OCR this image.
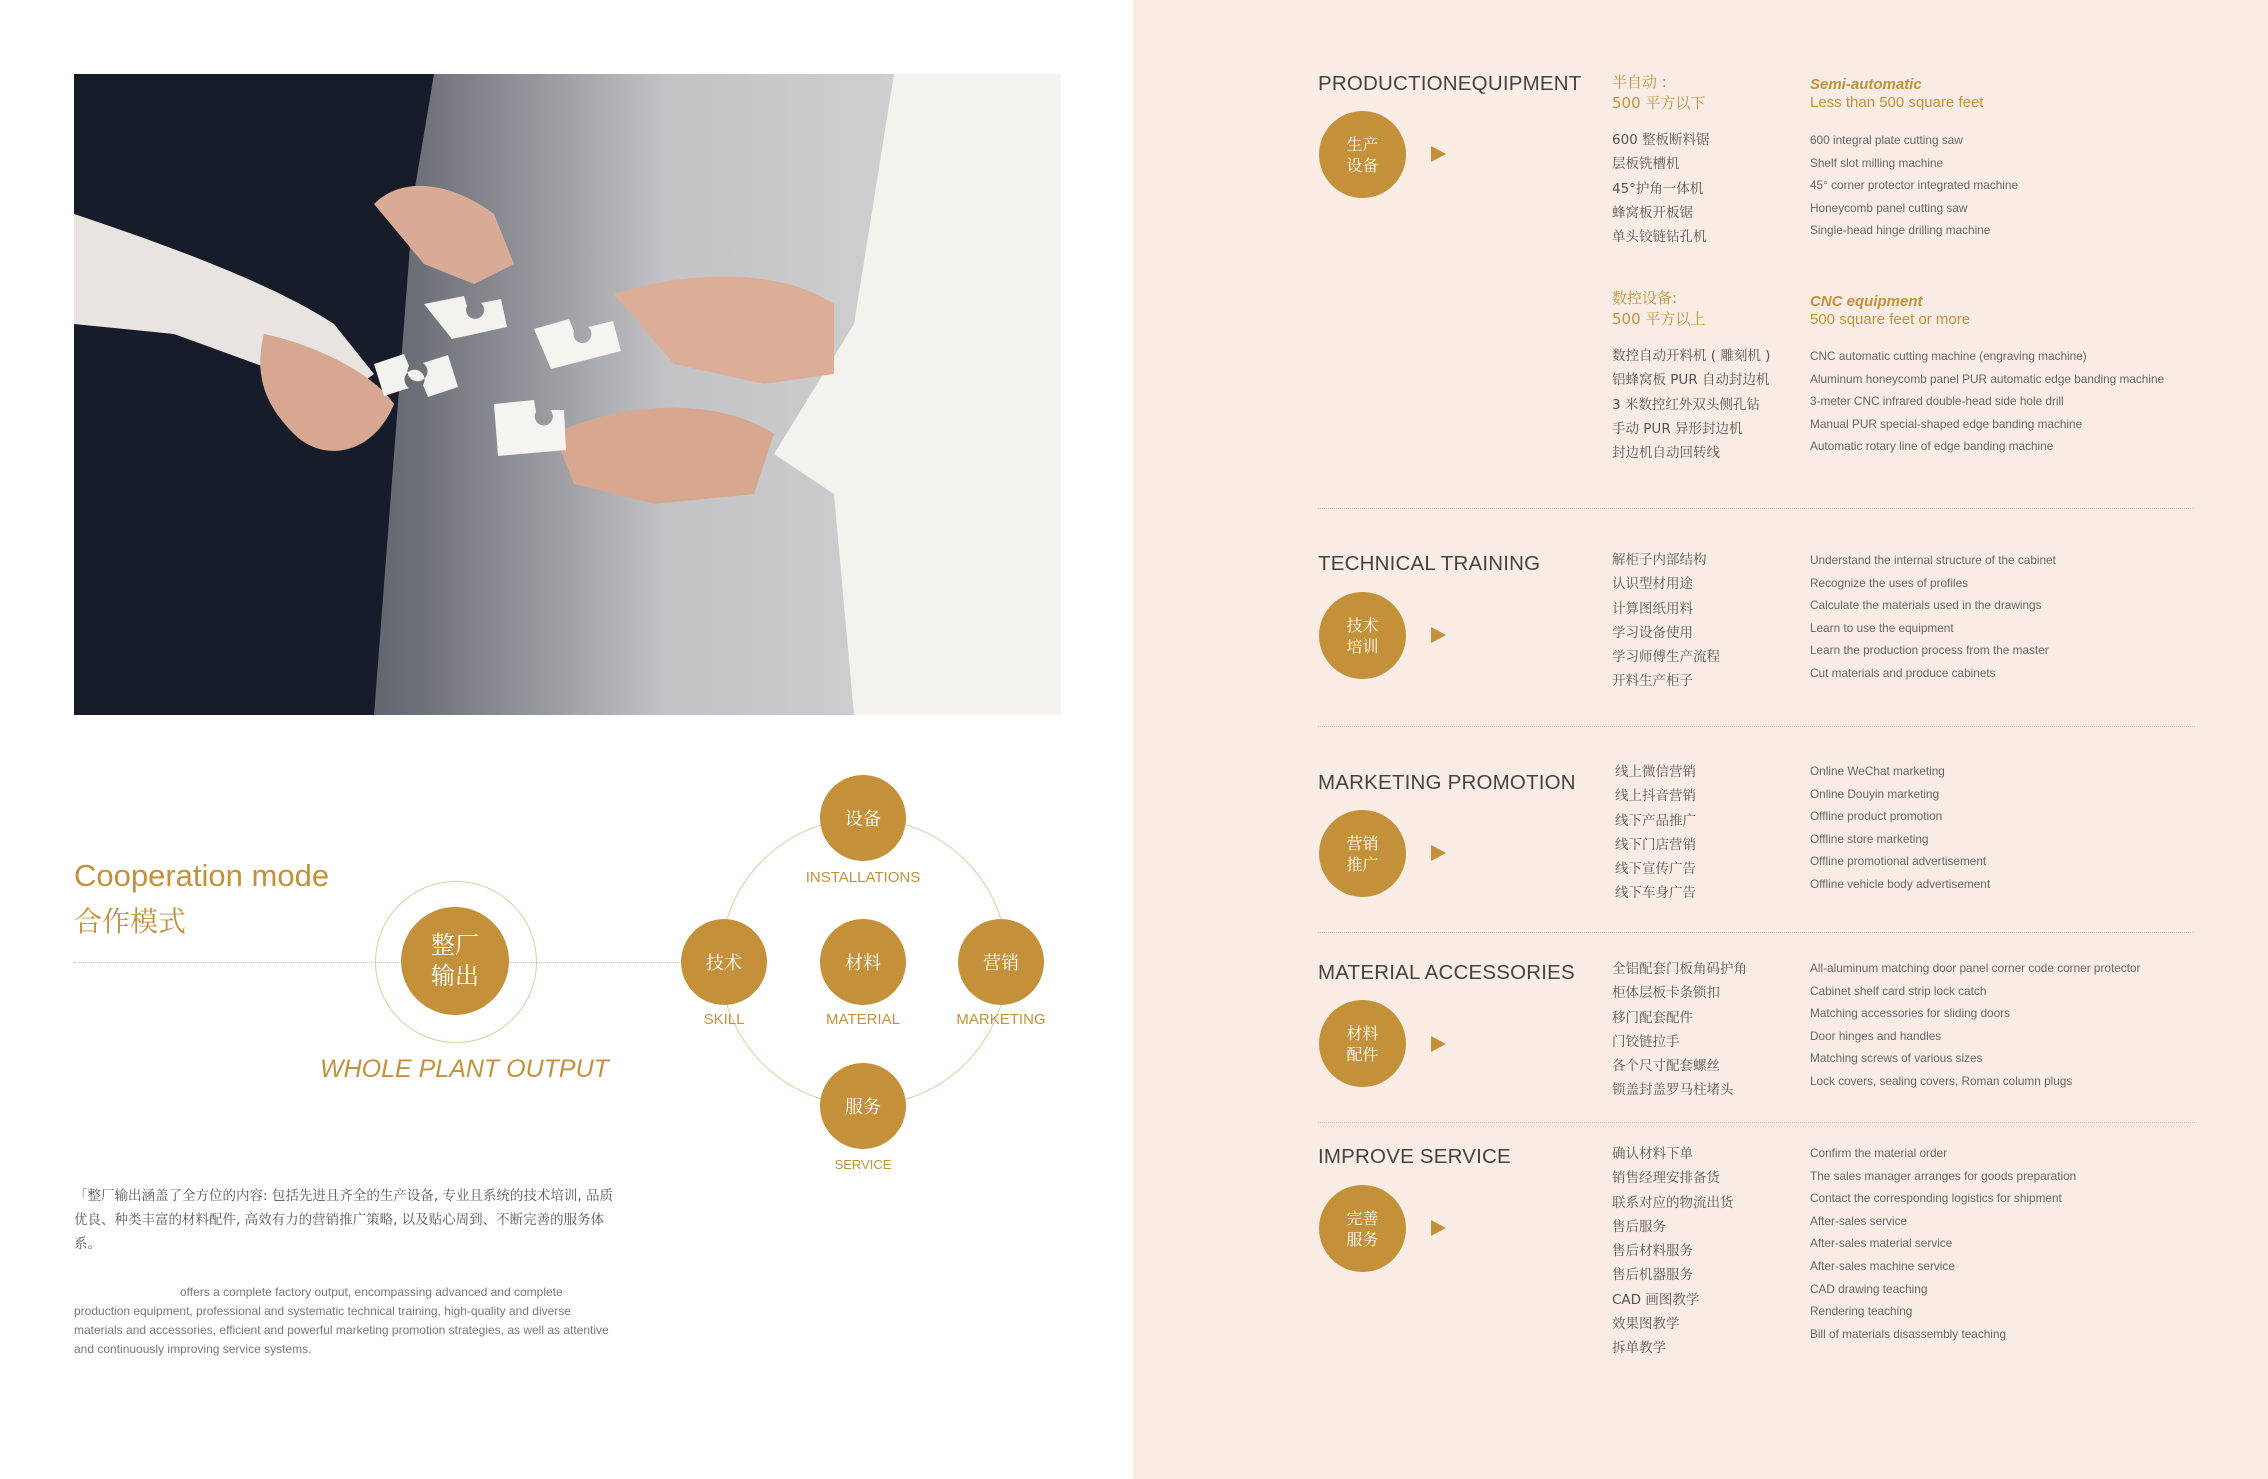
Cooperation mode
合作模式
整厂输出
WHOLE PLANT OUTPUT
设备
INSTALLATIONS
技术
SKILL
材料
MATERIAL
营销
MARKETING
服务
SERVICE
「整厂输出涵盖了全方位的内容: 包括先进且齐全的生产设备, 专业且系统的技术培训, 品质优良、种类丰富的材料配件, 高效有力的营销推广策略, 以及贴心周到、不断完善的服务体系。
offers a complete factory output, encompassing advanced and complete production equipment, professional and systematic technical training, high-quality and diverse materials and accessories, efficient and powerful marketing promotion strategies, as well as attentive and continuously improving service systems.
PRODUCTIONEQUIPMENT
生产设备
半自动 :
500 平方以下
Semi-automatic
Less than 500 square feet
600 整板断料锯
层板铣槽机
45°护角一体机
蜂窝板开板锯
单头铰链钻孔机
600 integral plate cutting saw
Shelf slot milling machine
45° corner protector integrated machine
Honeycomb panel cutting saw
Single-head hinge drilling machine
数控设备:
500 平方以上
CNC equipment
500 square feet or more
数控自动开料机 ( 雕刻机 )
铝蜂窝板 PUR 自动封边机
3 米数控红外双头侧孔钻
手动 PUR 异形封边机
封边机自动回转线
CNC automatic cutting machine (engraving machine)
Aluminum honeycomb panel PUR automatic edge banding machine
3-meter CNC infrared double-head side hole drill
Manual PUR special-shaped edge banding machine
Automatic rotary line of edge banding machine
TECHNICAL TRAINING
技术培训
解柜子内部结构
认识型材用途
计算图纸用料
学习设备使用
学习师傅生产流程
开料生产柜子
Understand the internal structure of the cabinet
Recognize the uses of profiles
Calculate the materials used in the drawings
Learn to use the equipment
Learn the production process from the master
Cut materials and produce cabinets
MARKETING PROMOTION
营销推广
线上微信营销
线上抖音营销
线下产品推广
线下门店营销
线下宣传广告
线下车身广告
Online WeChat marketing
Online Douyin marketing
Offline product promotion
Offline store marketing
Offline promotional advertisement
Offline vehicle body advertisement
MATERIAL ACCESSORIES
材料配件
全铝配套门板角码护角
柜体层板卡条锁扣
移门配套配件
门铰链拉手
各个尺寸配套螺丝
锁盖封盖罗马柱堵头
All-aluminum matching door panel corner code corner protector
Cabinet shelf card strip lock catch
Matching accessories for sliding doors
Door hinges and handles
Matching screws of various sizes
Lock covers, sealing covers, Roman column plugs
IMPROVE SERVICE
完善服务
确认材料下单
销售经理安排备货
联系对应的物流出货
售后服务
售后材料服务
售后机器服务
CAD 画图教学
效果图教学
拆单教学
Confirm the material order
The sales manager arranges for goods preparation
Contact the corresponding logistics for shipment
After-sales service
After-sales material service
After-sales machine service
CAD drawing teaching
Rendering teaching
Bill of materials disassembly teaching
